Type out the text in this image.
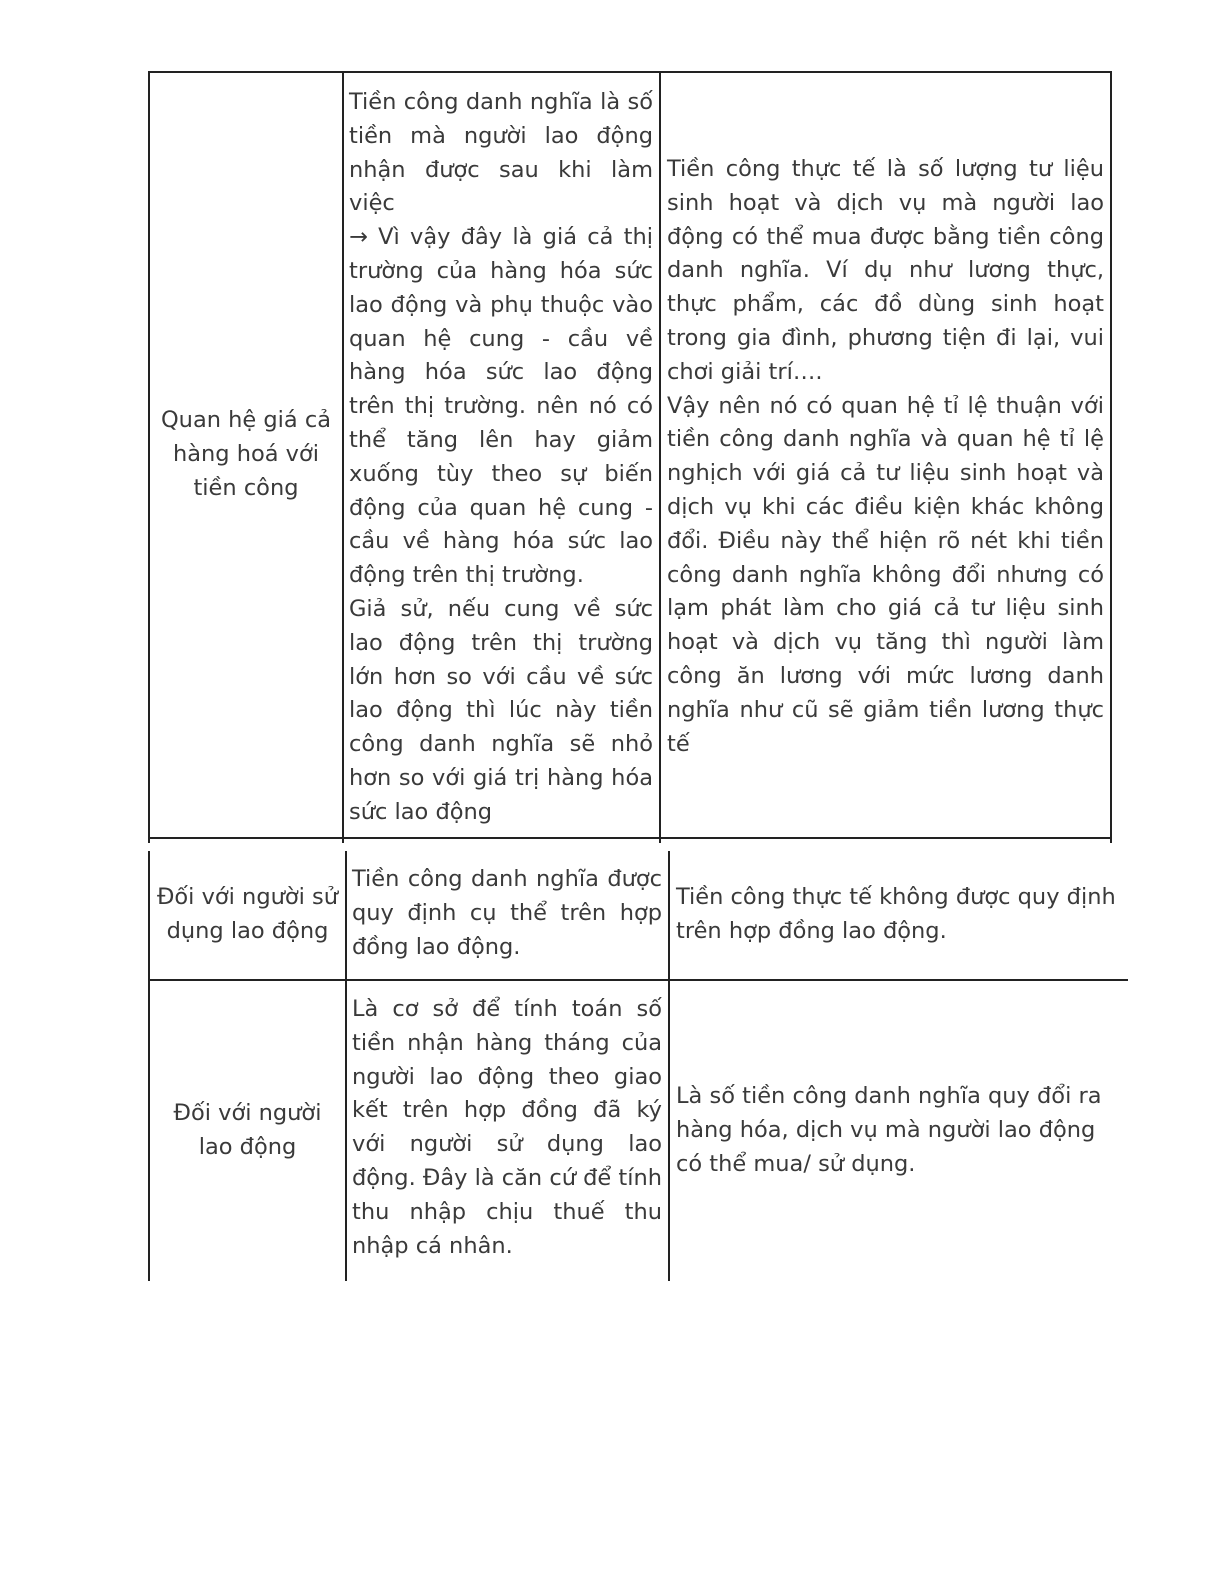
Quan hệ giá cả hàng hoá với tiền công

Tiền công danh nghĩa là số tiền mà người lao động nhận được sau khi làm việc

→ Vì vậy đây là giá cả thị trường của hàng hóa sức lao động và phụ thuộc vào quan hệ cung - cầu về hàng hóa sức lao động trên thị trường. nên nó có thể tăng lên hay giảm xuống tùy theo sự biến động của quan hệ cung - cầu về hàng hóa sức lao động trên thị trường.

Giả sử, nếu cung về sức lao động trên thị trường lớn hơn so với cầu về sức lao động thì lúc này tiền công danh nghĩa sẽ nhỏ hơn so với giá trị hàng hóa sức lao động

Tiền công thực tế là số lượng tư liệu sinh hoạt và dịch vụ mà người lao động có thể mua được bằng tiền công danh nghĩa. Ví dụ như lương thực, thực phẩm, các đồ dùng sinh hoạt trong gia đình, phương tiện đi lại, vui chơi giải trí….

Vậy nên nó có quan hệ tỉ lệ thuận với tiền công danh nghĩa và quan hệ tỉ lệ nghịch với giá cả tư liệu sinh hoạt và dịch vụ khi các điều kiện khác không đổi. Điều này thể hiện rõ nét khi tiền công danh nghĩa không đổi nhưng có lạm phát làm cho giá cả tư liệu sinh hoạt và dịch vụ tăng thì người làm công ăn lương với mức lương danh nghĩa như cũ sẽ giảm tiền lương thực tế

Đối với người sử dụng lao động

Tiền công danh nghĩa được quy định cụ thể trên hợp đồng lao động.

Tiền công thực tế không được quy định trên hợp đồng lao động.

Đối với người lao động

Là cơ sở để tính toán số tiền nhận hàng tháng của người lao động theo giao kết trên hợp đồng đã ký với người sử dụng lao động. Đây là căn cứ để tính thu nhập chịu thuế thu nhập cá nhân.

Là số tiền công danh nghĩa quy đổi ra hàng hóa, dịch vụ mà người lao động có thể mua/ sử dụng.
